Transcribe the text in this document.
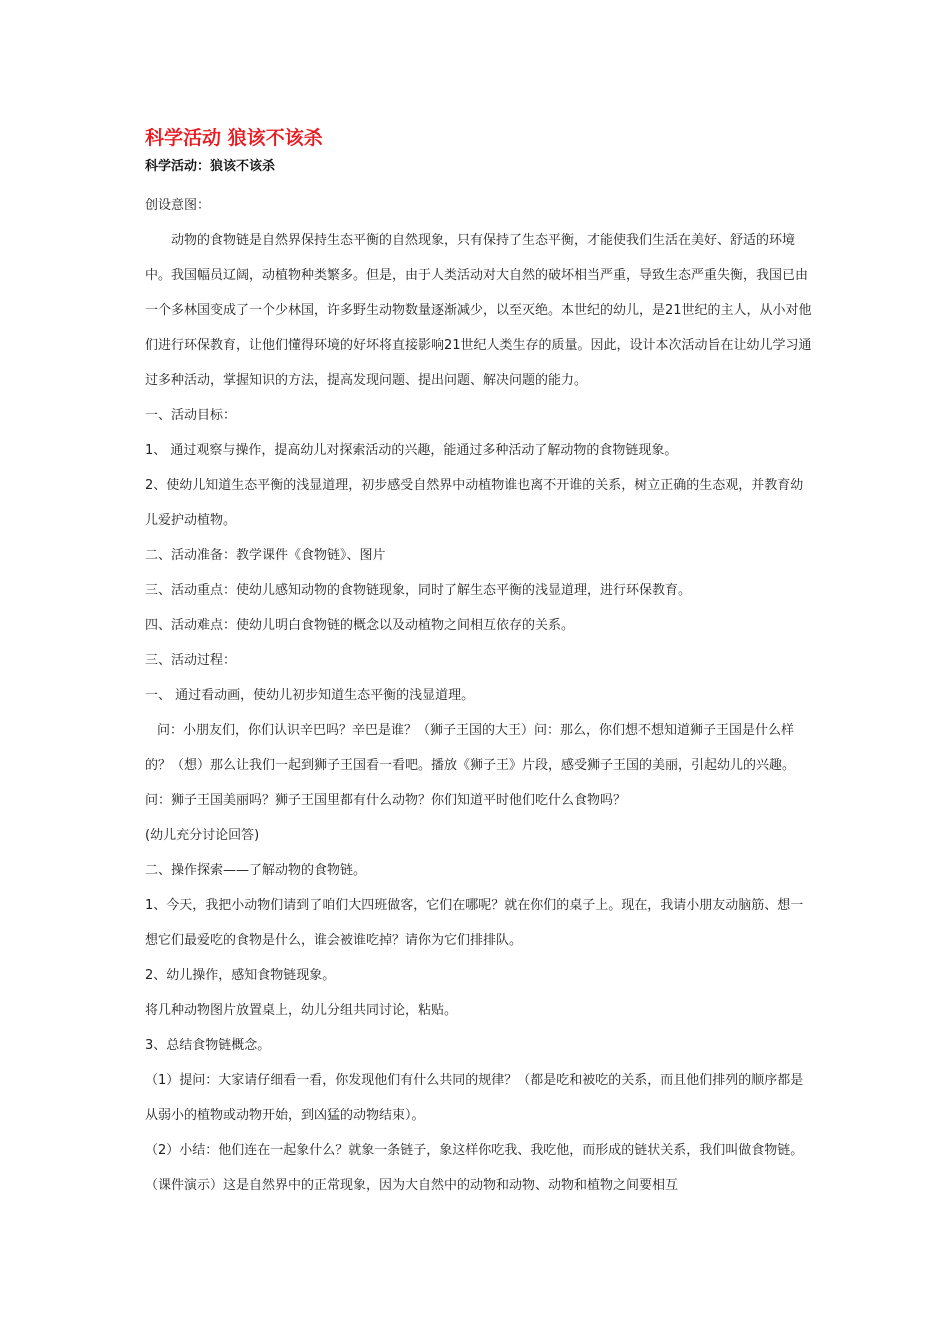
科学活动 狼该不该杀
科学活动：狼该不该杀

创设意图：

动物的食物链是自然界保持生态平衡的自然现象，只有保持了生态平衡，才能使我们生活在美好、舒适的环境中。我国幅员辽阔，动植物种类繁多。但是，由于人类活动对大自然的破坏相当严重，导致生态严重失衡，我国已由一个多林国变成了一个少林国，许多野生动物数量逐渐减少，以至灭绝。本世纪的幼儿，是21世纪的主人，从小对他们进行环保教育，让他们懂得环境的好坏将直接影响21世纪人类生存的质量。因此，设计本次活动旨在让幼儿学习通过多种活动，掌握知识的方法，提高发现问题、提出问题、解决问题的能力。

一、活动目标：

1、 通过观察与操作，提高幼儿对探索活动的兴趣，能通过多种活动了解动物的食物链现象。

2、使幼儿知道生态平衡的浅显道理，初步感受自然界中动植物谁也离不开谁的关系，树立正确的生态观，并教育幼儿爱护动植物。

二、活动准备：教学课件《食物链》、图片

三、活动重点：使幼儿感知动物的食物链现象，同时了解生态平衡的浅显道理，进行环保教育。

四、活动难点：使幼儿明白食物链的概念以及动植物之间相互依存的关系。

三、活动过程：

一、 通过看动画，使幼儿初步知道生态平衡的浅显道理。

问：小朋友们，你们认识辛巴吗？辛巴是谁？（狮子王国的大王）问：那么，你们想不想知道狮子王国是什么样的？（想）那么让我们一起到狮子王国看一看吧。播放《狮子王》片段，感受狮子王国的美丽，引起幼儿的兴趣。问：狮子王国美丽吗？狮子王国里都有什么动物？你们知道平时他们吃什么食物吗？

(幼儿充分讨论回答)

二、操作探索——了解动物的食物链。

1、今天，我把小动物们请到了咱们大四班做客，它们在哪呢？就在你们的桌子上。现在，我请小朋友动脑筋、想一想它们最爱吃的食物是什么，谁会被谁吃掉？请你为它们排排队。

2、幼儿操作，感知食物链现象。

将几种动物图片放置桌上，幼儿分组共同讨论，粘贴。

3、总结食物链概念。

（1）提问：大家请仔细看一看，你发现他们有什么共同的规律？（都是吃和被吃的关系，而且他们排列的顺序都是从弱小的植物或动物开始，到凶猛的动物结束）。

（2）小结：他们连在一起象什么？就象一条链子，象这样你吃我、我吃他，而形成的链状关系，我们叫做食物链。（课件演示）这是自然界中的正常现象，因为大自然中的动物和动物、动物和植物之间要相互
